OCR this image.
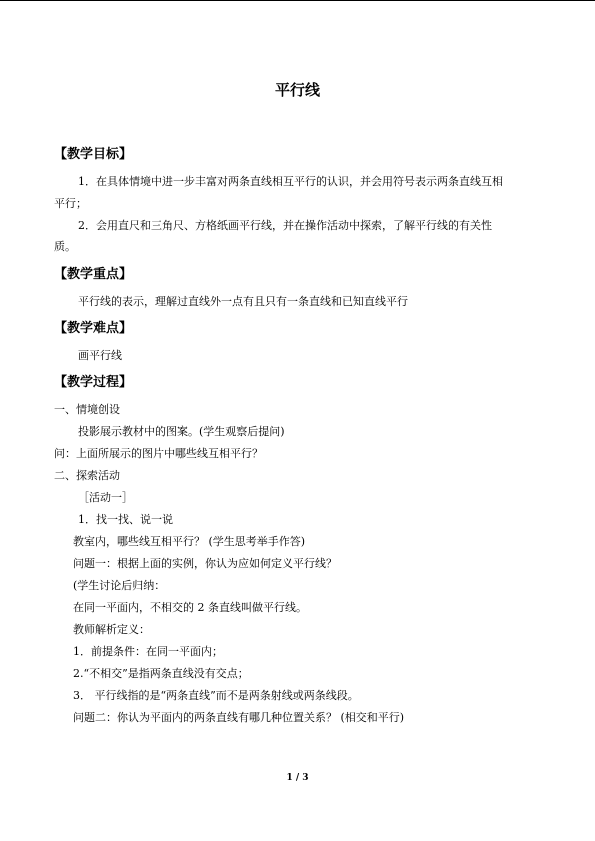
平行线
【教学目标】
1．在具体情境中进一步丰富对两条直线相互平行的认识，并会用符号表示两条直线互相
平行；
2．会用直尺和三角尺、方格纸画平行线，并在操作活动中探索，了解平行线的有关性
质。
【教学重点】
平行线的表示，理解过直线外一点有且只有一条直线和已知直线平行
【教学难点】
画平行线
【教学过程】
一、情境创设
投影展示教材中的图案。(学生观察后提问)
问：上面所展示的图片中哪些线互相平行？
二、探索活动
［活动一］
1．找一找、说一说
教室内，哪些线互相平行？ (学生思考举手作答)
问题一：根据上面的实例，你认为应如何定义平行线？
(学生讨论后归纳：
在同一平面内，不相交的 2 条直线叫做平行线。
教师解析定义：
1．前提条件：在同一平面内；
2.“不相交”是指两条直线没有交点；
3． 平行线指的是“两条直线”而不是两条射线或两条线段。
问题二：你认为平面内的两条直线有哪几种位置关系？ (相交和平行)
1 / 3
